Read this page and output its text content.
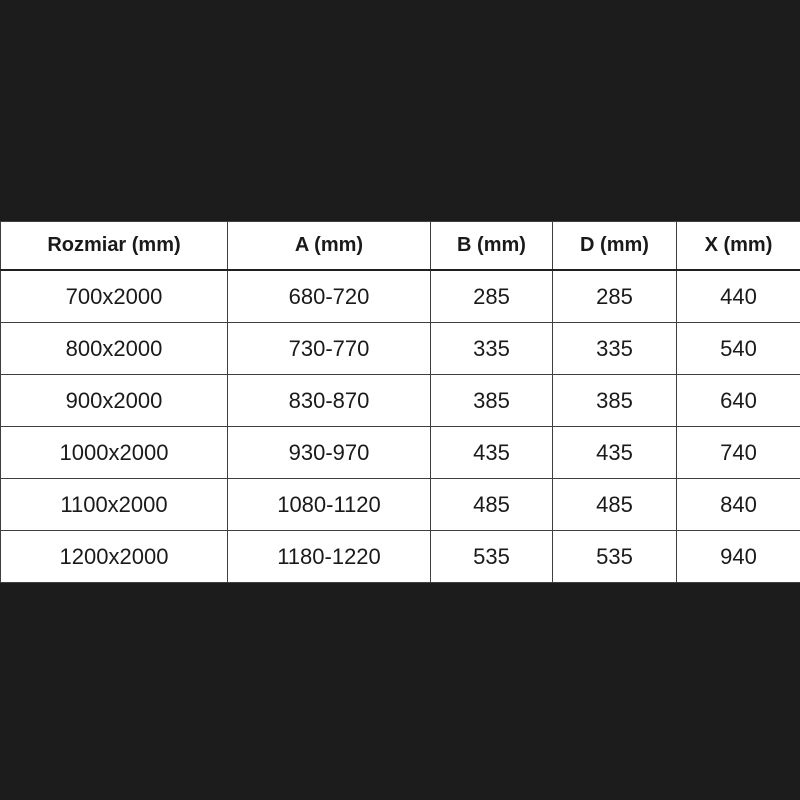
Rozmiar (mm)	A (mm)	B (mm)	D (mm)	X (mm)
700x2000	680-720	285	285	440
800x2000	730-770	335	335	540
900x2000	830-870	385	385	640
1000x2000	930-970	435	435	740
1100x2000	1080-1120	485	485	840
1200x2000	1180-1220	535	535	940
